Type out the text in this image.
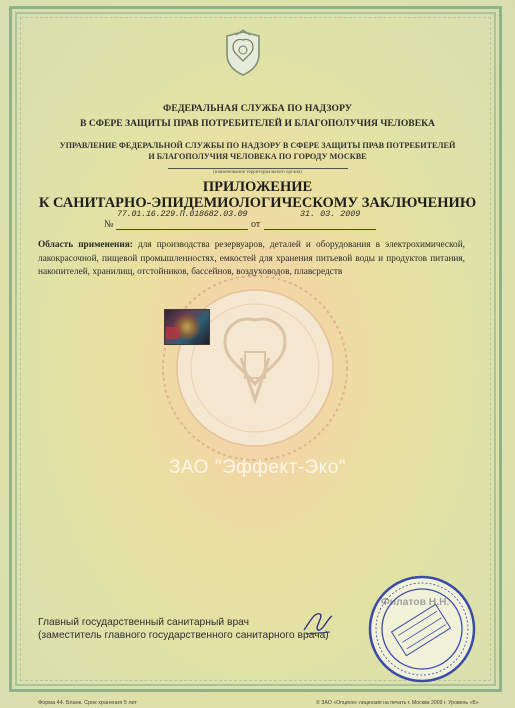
ФЕДЕРАЛЬНАЯ СЛУЖБА ПО НАДЗОРУ
В СФЕРЕ ЗАЩИТЫ ПРАВ ПОТРЕБИТЕЛЕЙ И БЛАГОПОЛУЧИЯ ЧЕЛОВЕКА
УПРАВЛЕНИЕ ФЕДЕРАЛЬНОЙ СЛУЖБЫ ПО НАДЗОРУ В СФЕРЕ ЗАЩИТЫ ПРАВ ПОТРЕБИТЕЛЕЙ
И БЛАГОПОЛУЧИЯ ЧЕЛОВЕКА ПО ГОРОДУ МОСКВЕ
(наименование территориального органа)
ПРИЛОЖЕНИЕ
К САНИТАРНО-ЭПИДЕМИОЛОГИЧЕСКОМУ ЗАКЛЮЧЕНИЮ
№
77.01.16.229.П.018682.03.09
от
31. 03. 2009
Область применения: для производства резервуаров, деталей и оборудования в электрохимической, лакокрасочной, пищевой промышленностях, емкостей для хранения питьевой воды и продуктов питания, накопителей, хранилищ, отстойников, бассейнов, воздуховодов, плавсредств
ЗАО "Эффект-Эко"
Главный государственный санитарный врач
(заместитель главного государственного санитарного врача)
Форма 44. Бланк. Срок хранения 5 лет	© ЗАО «Опцион» лицензия на печать г. Москва 2009 г. Уровень «Б»
